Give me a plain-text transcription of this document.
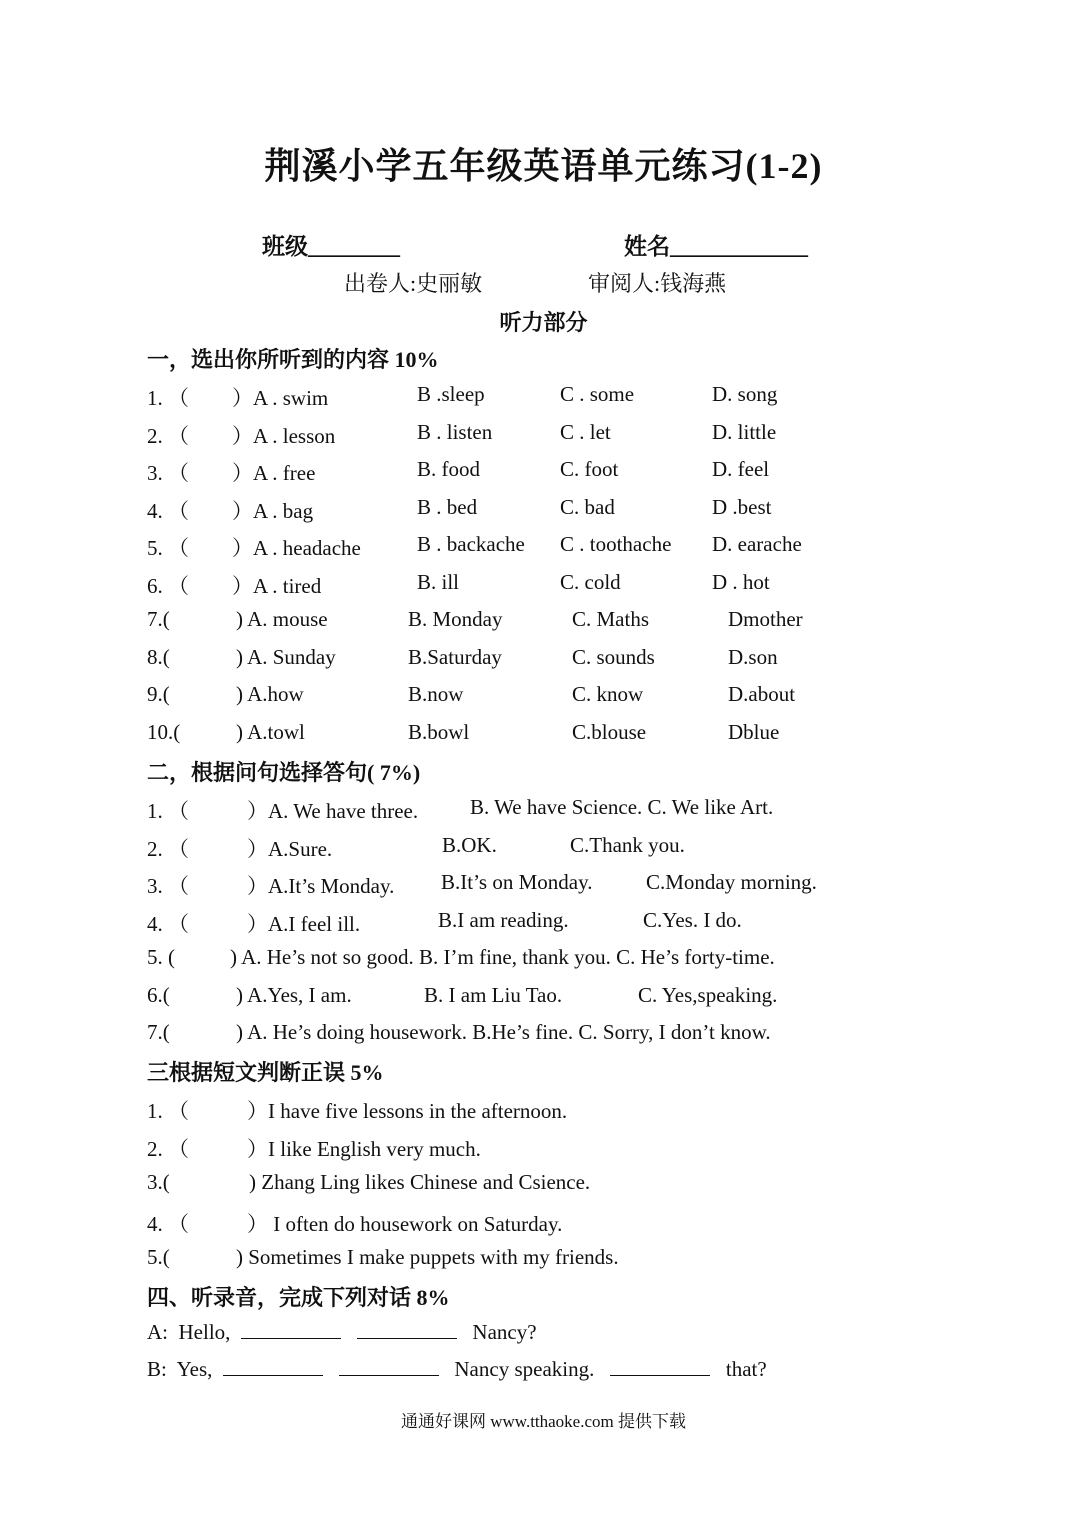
荆溪小学五年级英语单元练习(1-2)
班级________	姓名____________
出卷人:史丽敏	审阅人:钱海燕
听力部分
一，选出你所听到的内容 10%
1. （ ）A . swim	B .sleep	C . some	D. song
2. （ ）A . lesson	B . listen	C . let	D. little
3. （ ）A . free	B. food	C. foot	D. feel
4. （ ）A . bag	B . bed	C. bad	D .best
5. （ ）A . headache	B . backache C . toothache D. earache
6. （ ）A . tired	B. ill	C. cold	D . hot
7.(	) A. mouse	B. Monday	C. Maths	Dmother
8.(	) A. Sunday	B.Saturday	C. sounds	D.son
9.(	) A.how	B.now	C. know	D.about
10.(	) A.towl	B.bowl	C.blouse	Dblue
二，根据问句选择答句( 7%)
1. （	）A. We have three. B. We have Science. C. We like Art.
2. （	）A.Sure.	B.OK.	C.Thank you.
3. （	）A.It’s Monday. B.It’s on Monday.	C.Monday morning.
4. （	）A.I feel ill.	B.I am reading.	C.Yes. I do.
5. (	) A. He’s not so good. B. I’m fine, thank you. C. He’s forty-time.
6.(	) A.Yes, I am.	B. I am Liu Tao.	C. Yes,speaking.
7.(	) A. He’s doing housework. B.He’s fine. C. Sorry, I don’t know.
三根据短文判断正误 5%
1. （	）I have five lessons in the afternoon.
2. （	）I like English very much.
3.(	) Zhang Ling likes Chinese and Csience.
4. （	） I often do housework on Saturday.
5.(	) Sometimes I make puppets with my friends.
四、听录音，完成下列对话 8%
A: Hello,	Nancy?
B: Yes,	Nancy speaking.	that?
通通好课网 www.tthaoke.com 提供下载
